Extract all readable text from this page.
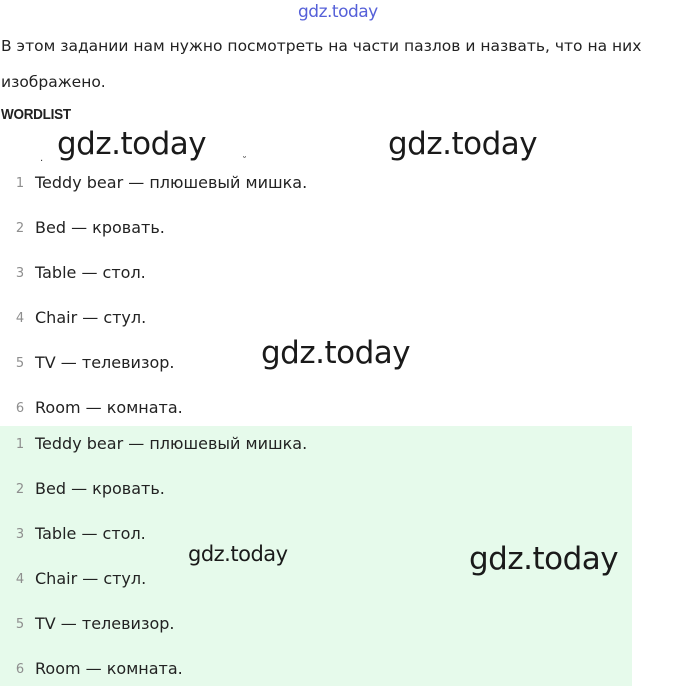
gdz.today
В этом задании нам нужно посмотреть на части пазлов и назвать, что на них изображено.
WORDLIST
1 Teddy bear — плюшевый мишка.
2 Bed — кровать.
3 Table — стол.
4 Chair — стул.
5 TV — телевизор.
6 Room — комната.
1 Teddy bear — плюшевый мишка.
2 Bed — кровать.
3 Table — стол.
4 Chair — стул.
5 TV — телевизор.
6 Room — комната.
·	˘
gdz.today	gdz.today
gdz.today
gdz.today	gdz.today
